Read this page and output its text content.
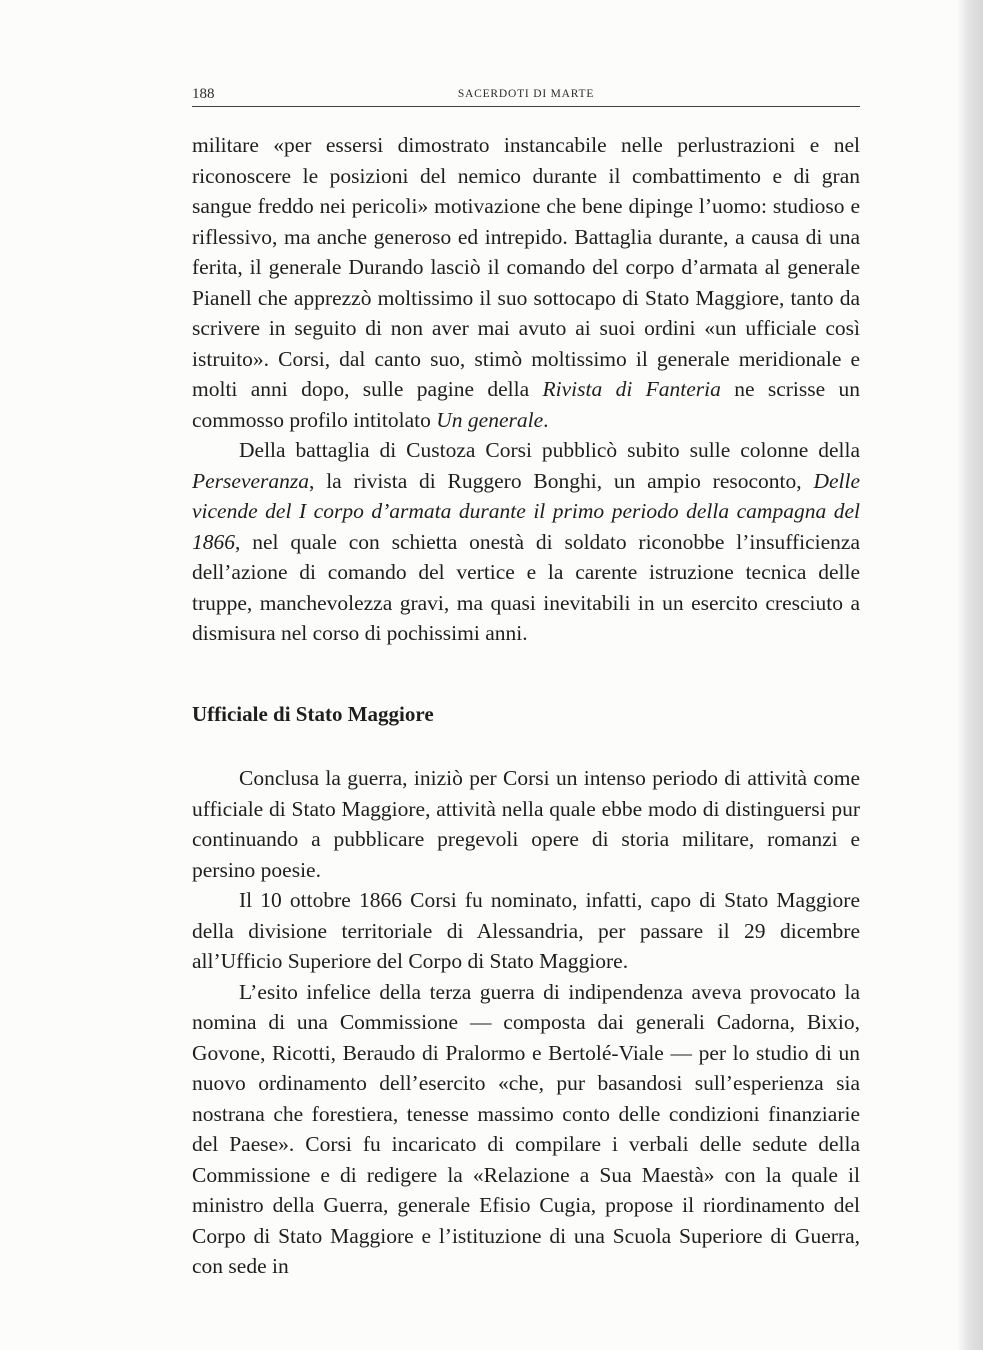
188	SACERDOTI DI MARTE

militare «per essersi dimostrato instancabile nelle perlustrazioni e nel riconoscere le posizioni del nemico durante il combattimento e di gran sangue freddo nei pericoli» motivazione che bene dipinge l’uomo: studioso e riflessivo, ma anche generoso ed intrepido. Battaglia durante, a causa di una ferita, il generale Durando lasciò il comando del corpo d’armata al generale Pianell che apprezzò moltissimo il suo sottocapo di Stato Maggiore, tanto da scrivere in seguito di non aver mai avuto ai suoi ordini «un ufficiale così istruito». Corsi, dal canto suo, stimò moltissimo il generale meridionale e molti anni dopo, sulle pagine della Rivista di Fanteria ne scrisse un commosso profilo intitolato Un generale.

Della battaglia di Custoza Corsi pubblicò subito sulle colonne della Perseveranza, la rivista di Ruggero Bonghi, un ampio resoconto, Delle vicende del I corpo d’armata durante il primo periodo della campagna del 1866, nel quale con schietta onestà di soldato riconobbe l’insufficienza dell’azione di comando del vertice e la carente istruzione tecnica delle truppe, manchevolezza gravi, ma quasi inevitabili in un esercito cresciuto a dismisura nel corso di pochissimi anni.

Ufficiale di Stato Maggiore

Conclusa la guerra, iniziò per Corsi un intenso periodo di attività come ufficiale di Stato Maggiore, attività nella quale ebbe modo di distinguersi pur continuando a pubblicare pregevoli opere di storia militare, romanzi e persino poesie.

Il 10 ottobre 1866 Corsi fu nominato, infatti, capo di Stato Maggiore della divisione territoriale di Alessandria, per passare il 29 dicembre all’Ufficio Superiore del Corpo di Stato Maggiore.

L’esito infelice della terza guerra di indipendenza aveva provocato la nomina di una Commissione — composta dai generali Cadorna, Bixio, Govone, Ricotti, Beraudo di Pralormo e Bertolé-Viale — per lo studio di un nuovo ordinamento dell’esercito «che, pur basandosi sull’esperienza sia nostrana che forestiera, tenesse massimo conto delle condizioni finanziarie del Paese». Corsi fu incaricato di compilare i verbali delle sedute della Commissione e di redigere la «Relazione a Sua Maestà» con la quale il ministro della Guerra, generale Efisio Cugia, propose il riordinamento del Corpo di Stato Maggiore e l’istituzione di una Scuola Superiore di Guerra, con sede in
